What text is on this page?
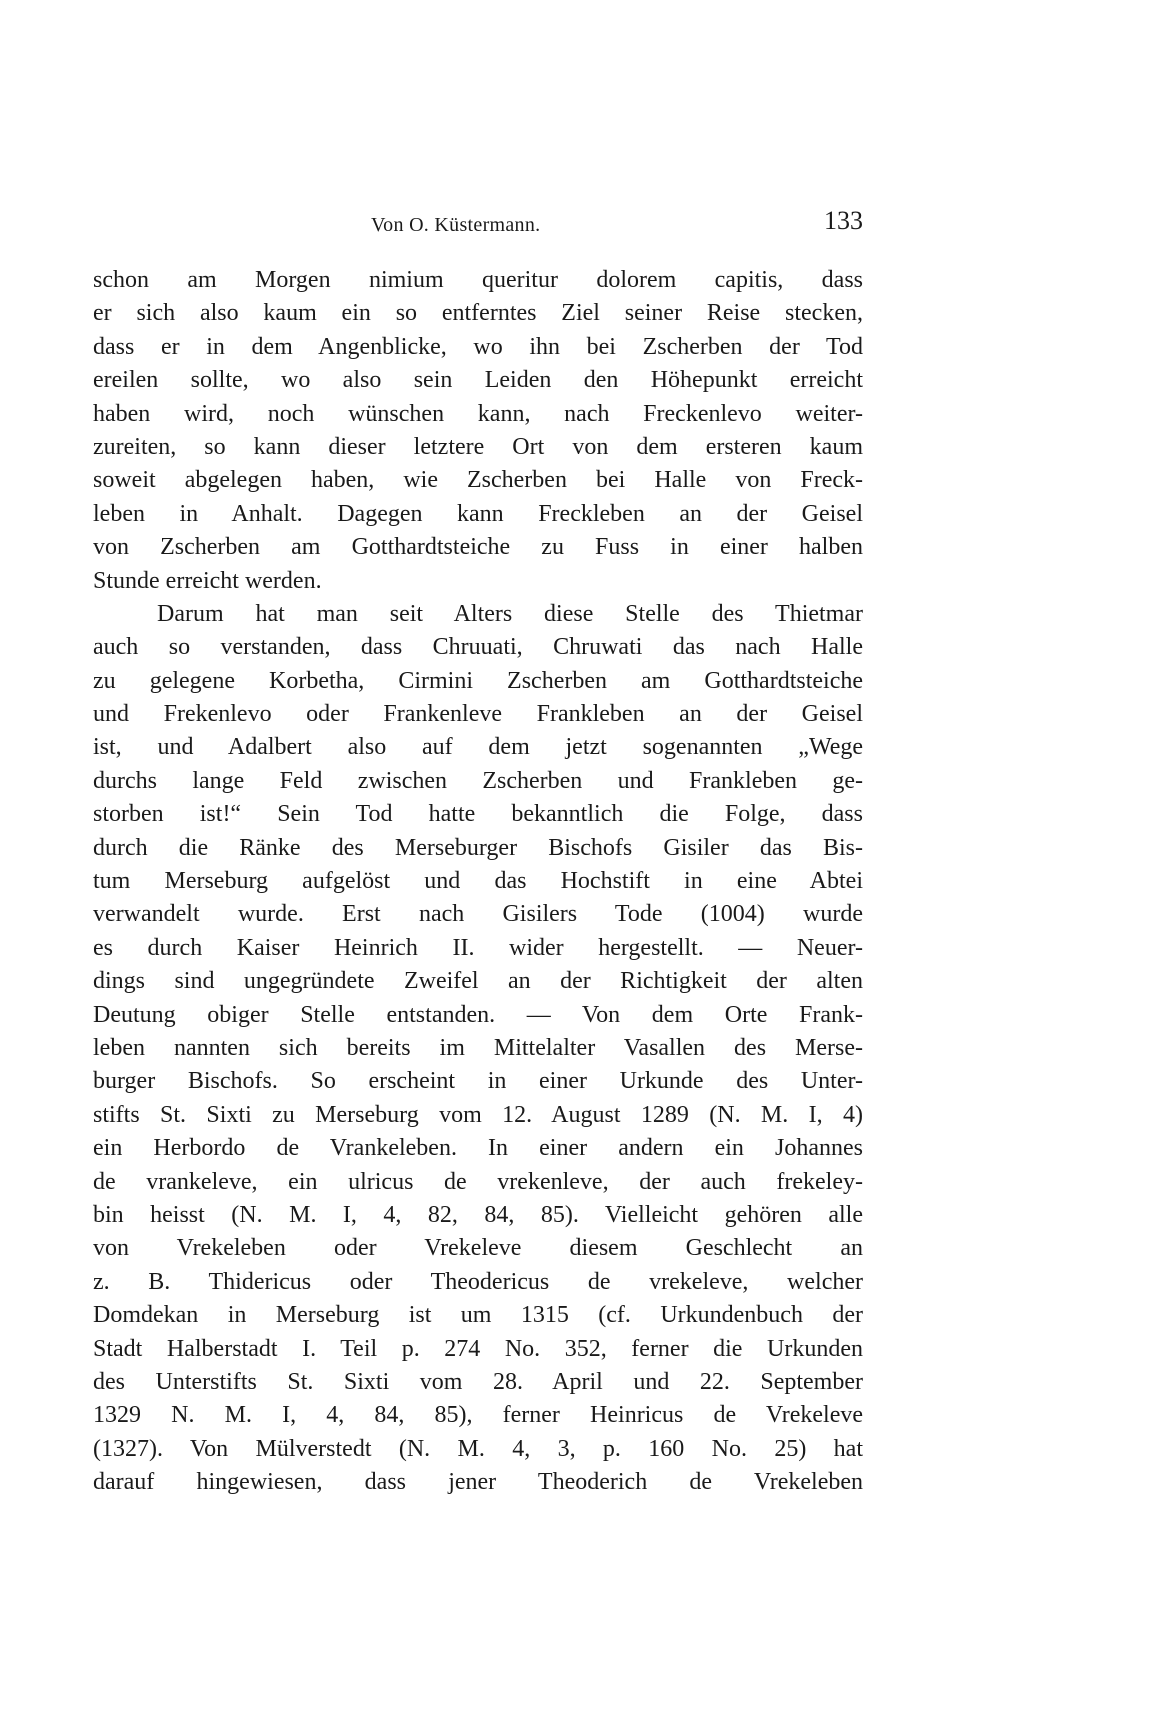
Von O. Küstermann.	133
schon am Morgen nimium queritur dolorem capitis, dass
er sich also kaum ein so entferntes Ziel seiner Reise stecken,
dass er in dem Angenblicke, wo ihn bei Zscherben der Tod
ereilen sollte, wo also sein Leiden den Höhepunkt erreicht
haben wird, noch wünschen kann, nach Freckenlevo weiter-
zureiten, so kann dieser letztere Ort von dem ersteren kaum
soweit abgelegen haben, wie Zscherben bei Halle von Freck-
leben in Anhalt. Dagegen kann Freckleben an der Geisel
von Zscherben am Gotthardtsteiche zu Fuss in einer halben
Stunde erreicht werden.
Darum hat man seit Alters diese Stelle des Thietmar
auch so verstanden, dass Chruuati, Chruwati das nach Halle
zu gelegene Korbetha, Cirmini Zscherben am Gotthardtsteiche
und Frekenlevo oder Frankenleve Frankleben an der Geisel
ist, und Adalbert also auf dem jetzt sogenannten „Wege
durchs lange Feld zwischen Zscherben und Frankleben ge-
storben ist!“ Sein Tod hatte bekanntlich die Folge, dass
durch die Ränke des Merseburger Bischofs Gisiler das Bis-
tum Merseburg aufgelöst und das Hochstift in eine Abtei
verwandelt wurde. Erst nach Gisilers Tode (1004) wurde
es durch Kaiser Heinrich II. wider hergestellt. — Neuer-
dings sind ungegründete Zweifel an der Richtigkeit der alten
Deutung obiger Stelle entstanden. — Von dem Orte Frank-
leben nannten sich bereits im Mittelalter Vasallen des Merse-
burger Bischofs. So erscheint in einer Urkunde des Unter-
stifts St. Sixti zu Merseburg vom 12. August 1289 (N. M. I, 4)
ein Herbordo de Vrankeleben. In einer andern ein Johannes
de vrankeleve, ein ulricus de vrekenleve, der auch frekeley-
bin heisst (N. M. I, 4, 82, 84, 85). Vielleicht gehören alle
von Vrekeleben oder Vrekeleve diesem Geschlecht an
z. B. Thidericus oder Theodericus de vrekeleve, welcher
Domdekan in Merseburg ist um 1315 (cf. Urkundenbuch der
Stadt Halberstadt I. Teil p. 274 No. 352, ferner die Urkunden
des Unterstifts St. Sixti vom 28. April und 22. September
1329 N. M. I, 4, 84, 85), ferner Heinricus de Vrekeleve
(1327). Von Mülverstedt (N. M. 4, 3, p. 160 No. 25) hat
darauf hingewiesen, dass jener Theoderich de Vrekeleben
